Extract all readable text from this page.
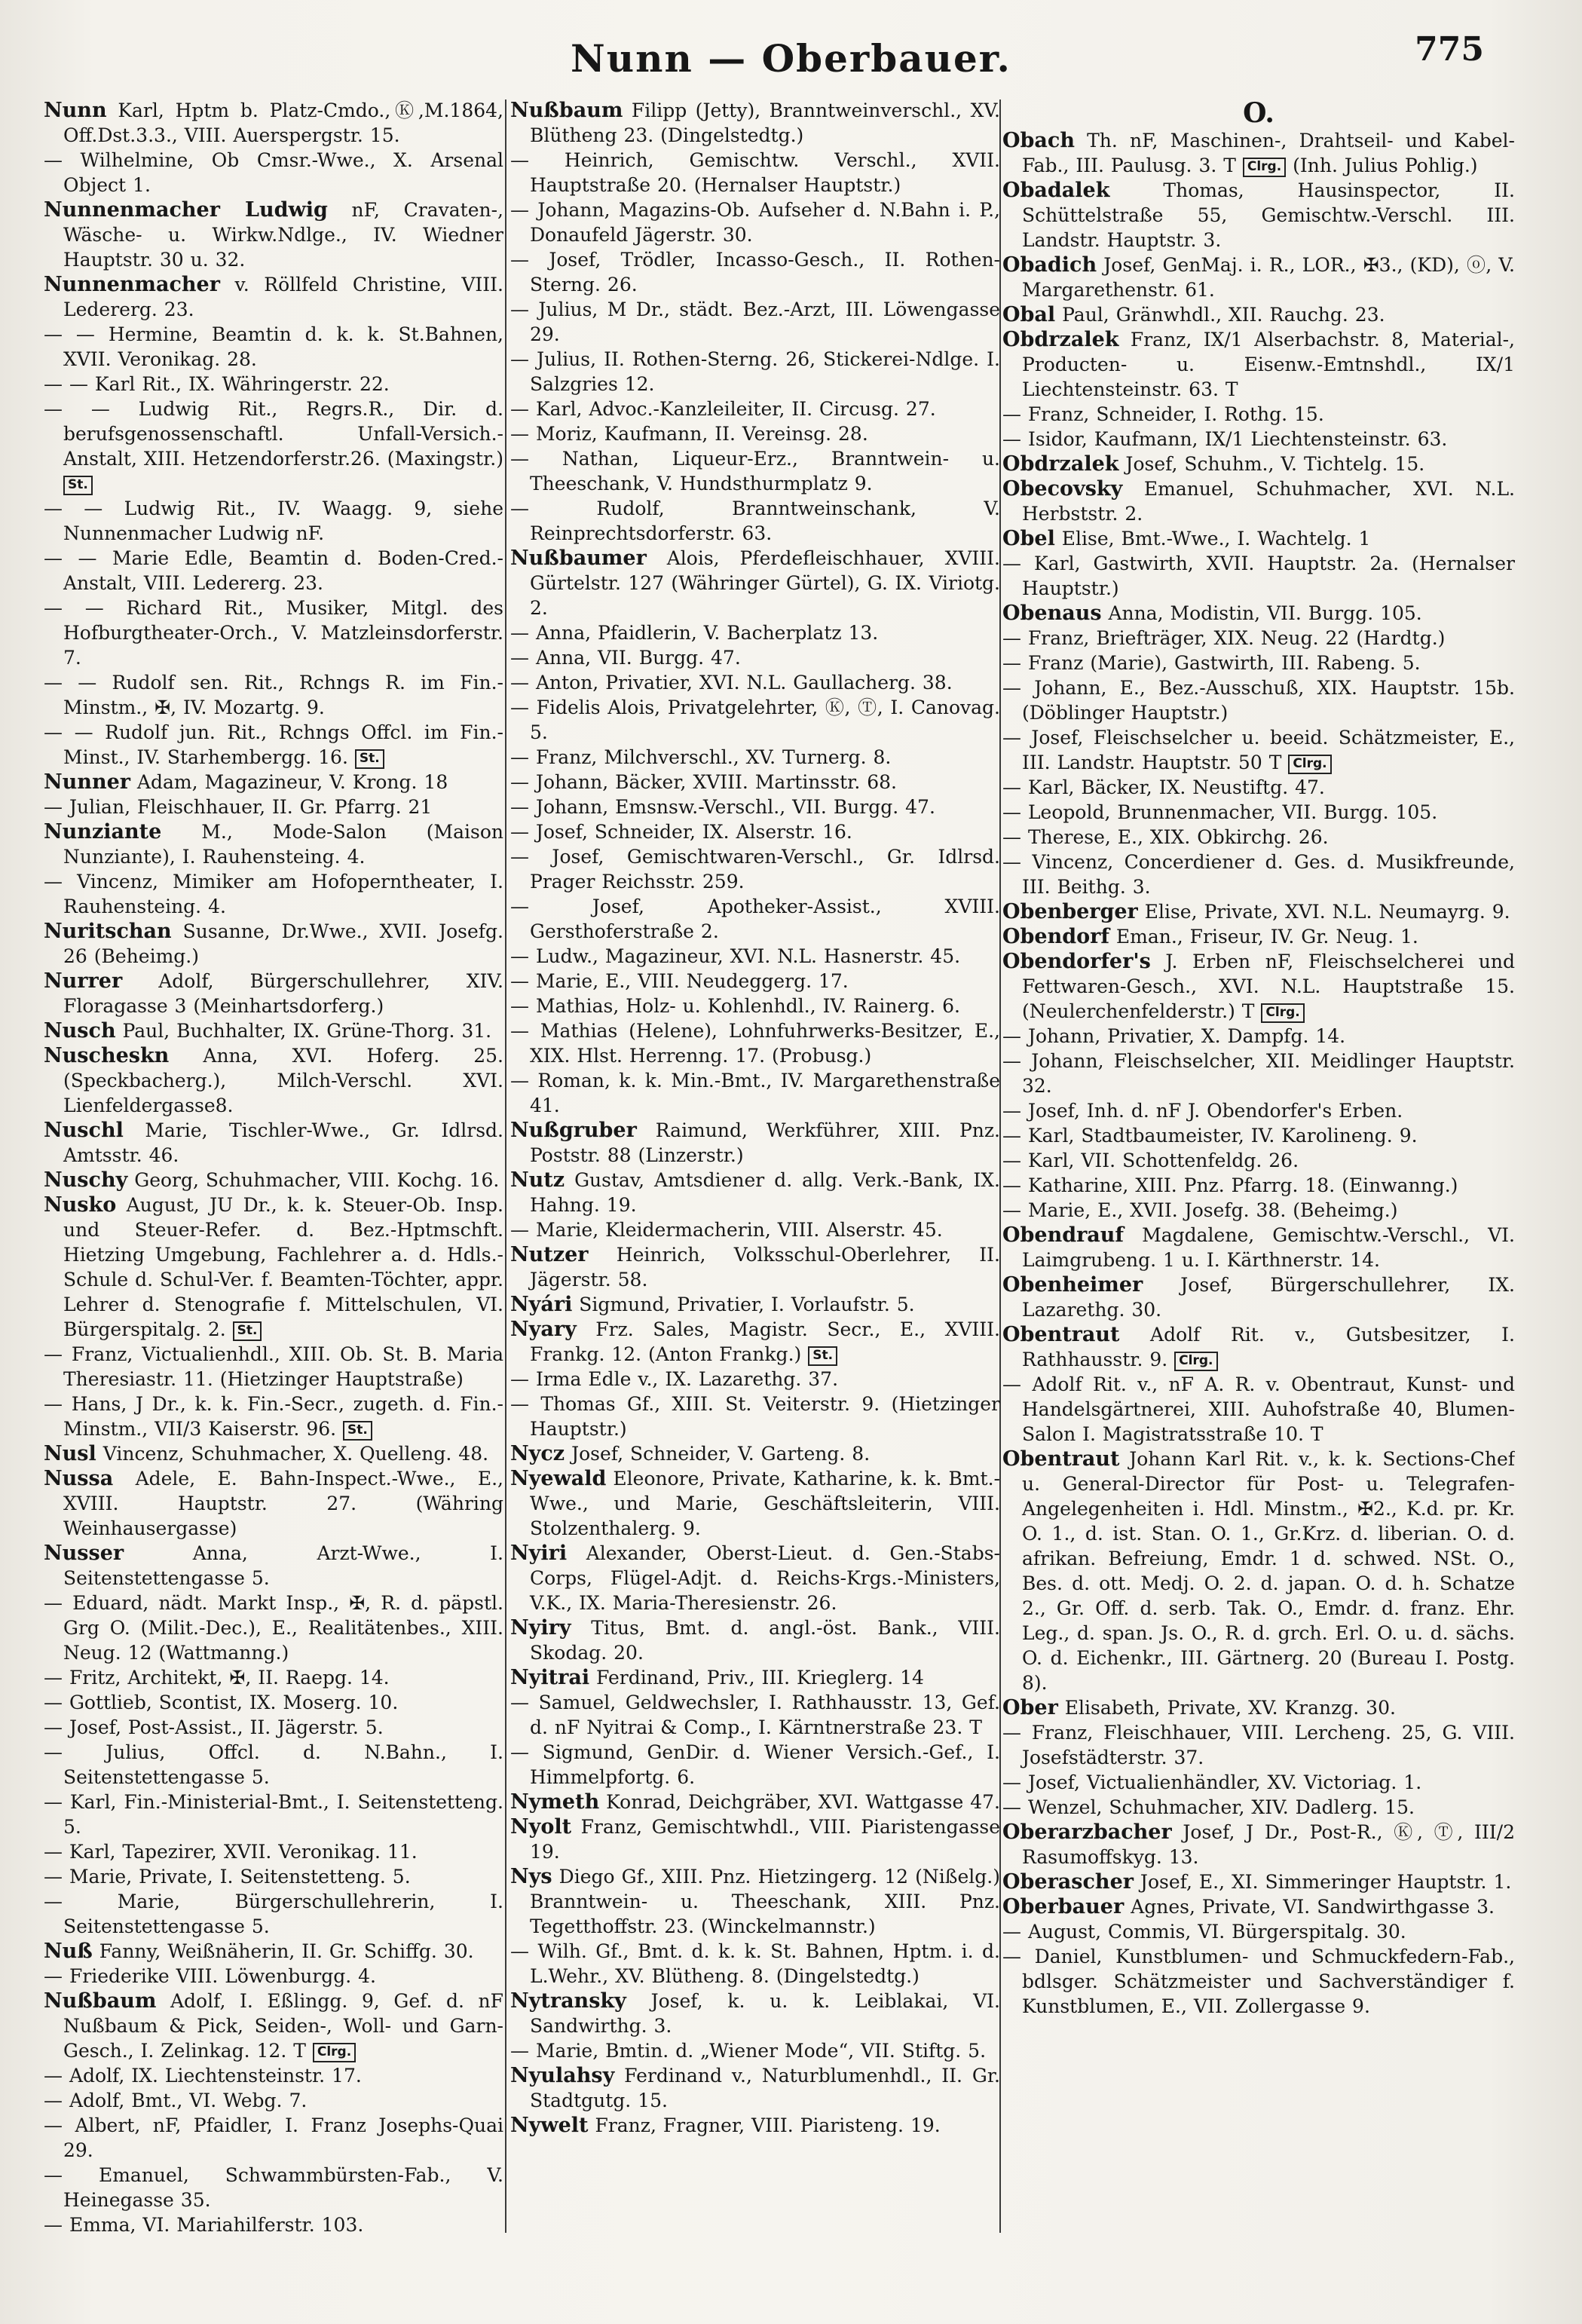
Nunn — Oberbauer.	775
Nunn Karl, Hptm b. Platz-Cmdo.,Ⓚ,M.1864, Off.Dst.3.3., VIII. Auerspergstr. 15.
— Wilhelmine, Ob Cmsr.-Wwe., X. Arsenal Object 1.
Nunnenmacher Ludwig nF, Cravaten-, Wäsche- u. Wirkw.Ndlge., IV. Wiedner Hauptstr. 30 u. 32.
Nunnenmacher v. Röllfeld Christine, VIII. Ledererg. 23.
— — Hermine, Beamtin d. k. k. St.Bahnen, XVII. Veronikag. 28.
— — Karl Rit., IX. Währingerstr. 22.
— — Ludwig Rit., Regrs.R., Dir. d. berufsgenossenschaftl. Unfall-Versich.-Anstalt, XIII. Hetzendorferstr.26. (Maxingstr.) St.
— — Ludwig Rit., IV. Waagg. 9, siehe Nunnenmacher Ludwig nF.
— — Marie Edle, Beamtin d. Boden-Cred.-Anstalt, VIII. Ledererg. 23.
— — Richard Rit., Musiker, Mitgl. des Hofburgtheater-Orch., V. Matzleinsdorferstr. 7.
— — Rudolf sen. Rit., Rchngs R. im Fin.-Minstm., ✠, IV. Mozartg. 9.
— — Rudolf jun. Rit., Rchngs Offcl. im Fin.-Minst., IV. Starhembergg. 16. St.
Nunner Adam, Magazineur, V. Krong. 18
— Julian, Fleischhauer, II. Gr. Pfarrg. 21
Nunziante M., Mode-Salon (Maison Nunziante), I. Rauhensteing. 4.
— Vincenz, Mimiker am Hofoperntheater, I. Rauhensteing. 4.
Nuritschan Susanne, Dr.Wwe., XVII. Josefg. 26 (Beheimg.)
Nurrer Adolf, Bürgerschullehrer, XIV. Floragasse 3 (Meinhartsdorferg.)
Nusch Paul, Buchhalter, IX. Grüne-Thorg. 31.
Nuscheskn Anna, XVI. Hoferg. 25. (Speckbacherg.), Milch-Verschl. XVI. Lienfeldergasse8.
Nuschl Marie, Tischler-Wwe., Gr. Idlrsd. Amtsstr. 46.
Nuschy Georg, Schuhmacher, VIII. Kochg. 16.
Nusko August, JU Dr., k. k. Steuer-Ob. Insp. und Steuer-Refer. d. Bez.-Hptmschft. Hietzing Umgebung, Fachlehrer a. d. Hdls.-Schule d. Schul-Ver. f. Beamten-Töchter, appr. Lehrer d. Stenografie f. Mittelschulen, VI. Bürgerspitalg. 2. St.
— Franz, Victualienhdl., XIII. Ob. St. B. Maria Theresiastr. 11. (Hietzinger Hauptstraße)
— Hans, J Dr., k. k. Fin.-Secr., zugeth. d. Fin.-Minstm., VII/3 Kaiserstr. 96. St.
Nusl Vincenz, Schuhmacher, X. Quelleng. 48.
Nussa Adele, E. Bahn-Inspect.-Wwe., E., XVIII. Hauptstr. 27. (Währing Weinhausergasse)
Nusser Anna, Arzt-Wwe., I. Seitenstettengasse 5.
— Eduard, nädt. Markt Insp., ✠, R. d. päpstl. Grg O. (Milit.-Dec.), E., Realitätenbes., XIII. Neug. 12 (Wattmanng.)
— Fritz, Architekt, ✠, II. Raepg. 14.
— Gottlieb, Scontist, IX. Moserg. 10.
— Josef, Post-Assist., II. Jägerstr. 5.
— Julius, Offcl. d. N.Bahn., I. Seitenstettengasse 5.
— Karl, Fin.-Ministerial-Bmt., I. Seitenstetteng. 5.
— Karl, Tapezirer, XVII. Veronikag. 11.
— Marie, Private, I. Seitenstetteng. 5.
— Marie, Bürgerschullehrerin, I. Seitenstettengasse 5.
Nuß Fanny, Weißnäherin, II. Gr. Schiffg. 30.
— Friederike VIII. Löwenburgg. 4.
Nußbaum Adolf, I. Eßlingg. 9, Gef. d. nF Nußbaum & Pick, Seiden-, Woll- und Garn-Gesch., I. Zelinkag. 12. T Clrg.
— Adolf, IX. Liechtensteinstr. 17.
— Adolf, Bmt., VI. Webg. 7.
— Albert, nF, Pfaidler, I. Franz Josephs-Quai 29.
— Emanuel, Schwammbürsten-Fab., V. Heinegasse 35.
— Emma, VI. Mariahilferstr. 103.
Nußbaum Filipp (Jetty), Branntweinverschl., XV. Blütheng 23. (Dingelstedtg.)
— Heinrich, Gemischtw. Verschl., XVII. Hauptstraße 20. (Hernalser Hauptstr.)
— Johann, Magazins-Ob. Aufseher d. N.Bahn i. P., Donaufeld Jägerstr. 30.
— Josef, Trödler, Incasso-Gesch., II. Rothen-Sterng. 26.
— Julius, M Dr., städt. Bez.-Arzt, III. Löwengasse 29.
— Julius, II. Rothen-Sterng. 26, Stickerei-Ndlge. I. Salzgries 12.
— Karl, Advoc.-Kanzleileiter, II. Circusg. 27.
— Moriz, Kaufmann, II. Vereinsg. 28.
— Nathan, Liqueur-Erz., Branntwein- u. Theeschank, V. Hundsthurmplatz 9.
— Rudolf, Branntweinschank, V. Reinprechtsdorferstr. 63.
Nußbaumer Alois, Pferdefleischhauer, XVIII. Gürtelstr. 127 (Währinger Gürtel), G. IX. Viriotg. 2.
— Anna, Pfaidlerin, V. Bacherplatz 13.
— Anna, VII. Burgg. 47.
— Anton, Privatier, XVI. N.L. Gaullacherg. 38.
— Fidelis Alois, Privatgelehrter, Ⓚ, Ⓣ, I. Canovag. 5.
— Franz, Milchverschl., XV. Turnerg. 8.
— Johann, Bäcker, XVIII. Martinsstr. 68.
— Johann, Emsnsw.-Verschl., VII. Burgg. 47.
— Josef, Schneider, IX. Alserstr. 16.
— Josef, Gemischtwaren-Verschl., Gr. Idlrsd. Prager Reichsstr. 259.
— Josef, Apotheker-Assist., XVIII. Gersthoferstraße 2.
— Ludw., Magazineur, XVI. N.L. Hasnerstr. 45.
— Marie, E., VIII. Neudeggerg. 17.
— Mathias, Holz- u. Kohlenhdl., IV. Rainerg. 6.
— Mathias (Helene), Lohnfuhrwerks-Besitzer, E., XIX. Hlst. Herrenng. 17. (Probusg.)
— Roman, k. k. Min.-Bmt., IV. Margarethenstraße 41.
Nußgruber Raimund, Werkführer, XIII. Pnz. Poststr. 88 (Linzerstr.)
Nutz Gustav, Amtsdiener d. allg. Verk.-Bank, IX. Hahng. 19.
— Marie, Kleidermacherin, VIII. Alserstr. 45.
Nutzer Heinrich, Volksschul-Oberlehrer, II. Jägerstr. 58.
Nyári Sigmund, Privatier, I. Vorlaufstr. 5.
Nyary Frz. Sales, Magistr. Secr., E., XVIII. Frankg. 12. (Anton Frankg.) St.
— Irma Edle v., IX. Lazarethg. 37.
— Thomas Gf., XIII. St. Veiterstr. 9. (Hietzinger Hauptstr.)
Nycz Josef, Schneider, V. Garteng. 8.
Nyewald Eleonore, Private, Katharine, k. k. Bmt.-Wwe., und Marie, Geschäftsleiterin, VIII. Stolzenthalerg. 9.
Nyiri Alexander, Oberst-Lieut. d. Gen.-Stabs-Corps, Flügel-Adjt. d. Reichs-Krgs.-Ministers, V.K., IX. Maria-Theresienstr. 26.
Nyiry Titus, Bmt. d. angl.-öst. Bank., VIII. Skodag. 20.
Nyitrai Ferdinand, Priv., III. Krieglerg. 14
— Samuel, Geldwechsler, I. Rathhausstr. 13, Gef. d. nF Nyitrai & Comp., I. Kärntnerstraße 23. T
— Sigmund, GenDir. d. Wiener Versich.-Gef., I. Himmelpfortg. 6.
Nymeth Konrad, Deichgräber, XVI. Wattgasse 47.
Nyolt Franz, Gemischtwhdl., VIII. Piaristengasse 19.
Nys Diego Gf., XIII. Pnz. Hietzingerg. 12 (Nißelg.) Branntwein- u. Theeschank, XIII. Pnz. Tegetthoffstr. 23. (Winckelmannstr.)
— Wilh. Gf., Bmt. d. k. k. St. Bahnen, Hptm. i. d. L.Wehr., XV. Blütheng. 8. (Dingelstedtg.)
Nytransky Josef, k. u. k. Leiblakai, VI. Sandwirthg. 3.
— Marie, Bmtin. d. „Wiener Mode“, VII. Stiftg. 5.
Nyulahsy Ferdinand v., Naturblumenhdl., II. Gr. Stadtgutg. 15.
Nywelt Franz, Fragner, VIII. Piaristeng. 19.
O.
Obach Th. nF, Maschinen-, Drahtseil- und Kabel-Fab., III. Paulusg. 3. T Clrg. (Inh. Julius Pohlig.)
Obadalek Thomas, Hausinspector, II. Schüttelstraße 55, Gemischtw.-Verschl. III. Landstr. Hauptstr. 3.
Obadich Josef, GenMaj. i. R., LOR., ✠3., (KD), ⓞ, V. Margarethenstr. 61.
Obal Paul, Gränwhdl., XII. Rauchg. 23.
Obdrzalek Franz, IX/1 Alserbachstr. 8, Material-, Producten- u. Eisenw.-Emtnshdl., IX/1 Liechtensteinstr. 63. T
— Franz, Schneider, I. Rothg. 15.
— Isidor, Kaufmann, IX/1 Liechtensteinstr. 63.
Obdrzalek Josef, Schuhm., V. Tichtelg. 15.
Obecovsky Emanuel, Schuhmacher, XVI. N.L. Herbststr. 2.
Obel Elise, Bmt.-Wwe., I. Wachtelg. 1
— Karl, Gastwirth, XVII. Hauptstr. 2a. (Hernalser Hauptstr.)
Obenaus Anna, Modistin, VII. Burgg. 105.
— Franz, Briefträger, XIX. Neug. 22 (Hardtg.)
— Franz (Marie), Gastwirth, III. Rabeng. 5.
— Johann, E., Bez.-Ausschuß, XIX. Hauptstr. 15b. (Döblinger Hauptstr.)
— Josef, Fleischselcher u. beeid. Schätzmeister, E., III. Landstr. Hauptstr. 50 T Clrg.
— Karl, Bäcker, IX. Neustiftg. 47.
— Leopold, Brunnenmacher, VII. Burgg. 105.
— Therese, E., XIX. Obkirchg. 26.
— Vincenz, Concerdiener d. Ges. d. Musikfreunde, III. Beithg. 3.
Obenberger Elise, Private, XVI. N.L. Neumayrg. 9.
Obendorf Eman., Friseur, IV. Gr. Neug. 1.
Obendorfer's J. Erben nF, Fleischselcherei und Fettwaren-Gesch., XVI. N.L. Hauptstraße 15. (Neulerchenfelderstr.) T Clrg.
— Johann, Privatier, X. Dampfg. 14.
— Johann, Fleischselcher, XII. Meidlinger Hauptstr. 32.
— Josef, Inh. d. nF J. Obendorfer's Erben.
— Karl, Stadtbaumeister, IV. Karolineng. 9.
— Karl, VII. Schottenfeldg. 26.
— Katharine, XIII. Pnz. Pfarrg. 18. (Einwanng.)
— Marie, E., XVII. Josefg. 38. (Beheimg.)
Obendrauf Magdalene, Gemischtw.-Verschl., VI. Laimgrubeng. 1 u. I. Kärthnerstr. 14.
Obenheimer Josef, Bürgerschullehrer, IX. Lazarethg. 30.
Obentraut Adolf Rit. v., Gutsbesitzer, I. Rathhausstr. 9. Clrg.
— Adolf Rit. v., nF A. R. v. Obentraut, Kunst- und Handelsgärtnerei, XIII. Auhofstraße 40, Blumen-Salon I. Magistratsstraße 10. T
Obentraut Johann Karl Rit. v., k. k. Sections-Chef u. General-Director für Post- u. Telegrafen-Angelegenheiten i. Hdl. Minstm., ✠2., K.d. pr. Kr. O. 1., d. ist. Stan. O. 1., Gr.Krz. d. liberian. O. d. afrikan. Befreiung, Emdr. 1 d. schwed. NSt. O., Bes. d. ott. Medj. O. 2. d. japan. O. d. h. Schatze 2., Gr. Off. d. serb. Tak. O., Emdr. d. franz. Ehr. Leg., d. span. Js. O., R. d. grch. Erl. O. u. d. sächs. O. d. Eichenkr., III. Gärtnerg. 20 (Bureau I. Postg. 8).
Ober Elisabeth, Private, XV. Kranzg. 30.
— Franz, Fleischhauer, VIII. Lercheng. 25, G. VIII. Josefstädterstr. 37.
— Josef, Victualienhändler, XV. Victoriag. 1.
— Wenzel, Schuhmacher, XIV. Dadlerg. 15.
Oberarzbacher Josef, J Dr., Post-R., Ⓚ, Ⓣ, III/2 Rasumoffskyg. 13.
Oberascher Josef, E., XI. Simmeringer Hauptstr. 1.
Oberbauer Agnes, Private, VI. Sandwirthgasse 3.
— August, Commis, VI. Bürgerspitalg. 30.
— Daniel, Kunstblumen- und Schmuckfedern-Fab., bdlsger. Schätzmeister und Sachverständiger f. Kunstblumen, E., VII. Zollergasse 9.
